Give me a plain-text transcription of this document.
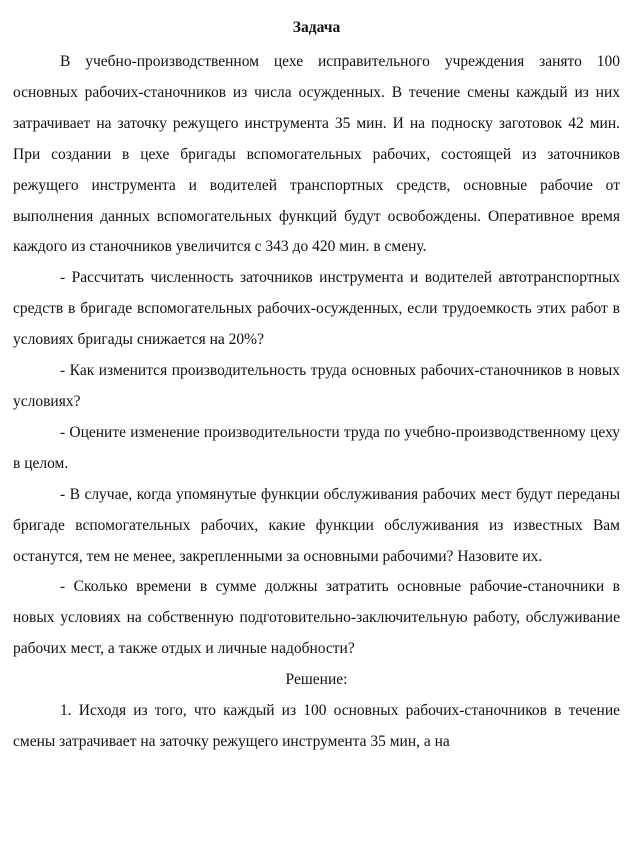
Задача

В учебно-производственном цехе исправительного учреждения занято 100 основных рабочих-станочников из числа осужденных. В течение смены каждый из них затрачивает на заточку режущего инструмента 35 мин. И на подноску заготовок 42 мин. При создании в цехе бригады вспомогательных рабочих, состоящей из заточников режущего инструмента и водителей транспортных средств, основные рабочие от выполнения данных вспомогательных функций будут освобождены. Оперативное время каждого из станочников увеличится с 343 до 420 мин. в смену.

- Рассчитать численность заточников инструмента и водителей автотранспортных средств в бригаде вспомогательных рабочих-осужденных, если трудоемкость этих работ в условиях бригады снижается на 20%?

- Как изменится производительность труда основных рабочих-станочников в новых условиях?

- Оцените изменение производительности труда по учебно-производственному цеху в целом.

- В случае, когда упомянутые функции обслуживания рабочих мест будут переданы бригаде вспомогательных рабочих, какие функции обслуживания из известных Вам останутся, тем не менее, закрепленными за основными рабочими? Назовите их.

- Сколько времени в сумме должны затратить основные рабочие-станочники в новых условиях на собственную подготовительно-заключительную работу, обслуживание рабочих мест, а также отдых и личные надобности?

Решение:

1. Исходя из того, что каждый из 100 основных рабочих-станочников в течение смены затрачивает на заточку режущего инструмента 35 мин, а на
